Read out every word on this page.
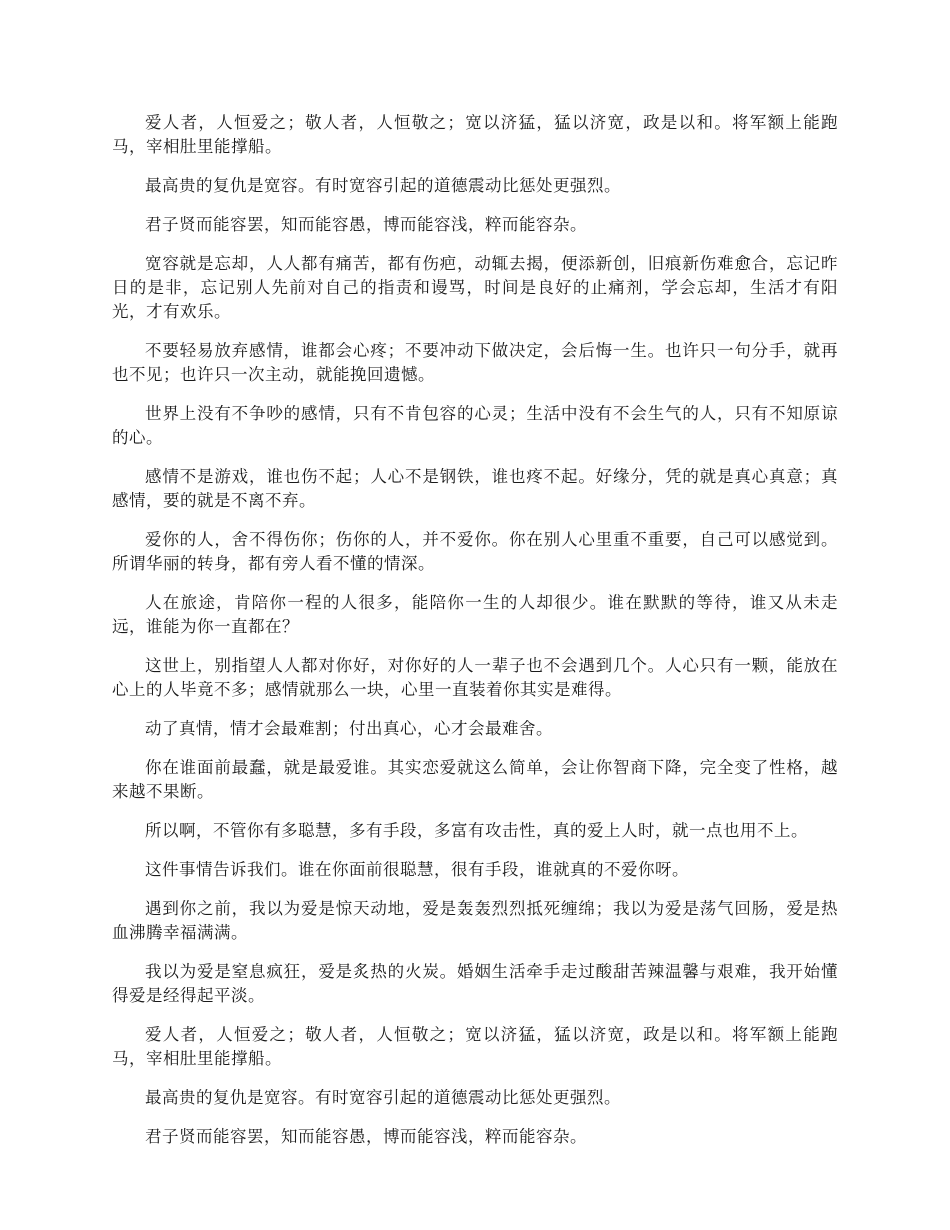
爱人者，人恒爱之；敬人者，人恒敬之；宽以济猛，猛以济宽，政是以和。将军额上能跑马，宰相肚里能撑船。

最高贵的复仇是宽容。有时宽容引起的道德震动比惩处更强烈。

君子贤而能容罢，知而能容愚，博而能容浅，粹而能容杂。

宽容就是忘却，人人都有痛苦，都有伤疤，动辄去揭，便添新创，旧痕新伤难愈合，忘记昨日的是非，忘记别人先前对自己的指责和谩骂，时间是良好的止痛剂，学会忘却，生活才有阳光，才有欢乐。

不要轻易放弃感情，谁都会心疼；不要冲动下做决定，会后悔一生。也许只一句分手，就再也不见；也许只一次主动，就能挽回遗憾。

世界上没有不争吵的感情，只有不肯包容的心灵；生活中没有不会生气的人，只有不知原谅的心。

感情不是游戏，谁也伤不起；人心不是钢铁，谁也疼不起。好缘分，凭的就是真心真意；真感情，要的就是不离不弃。

爱你的人，舍不得伤你；伤你的人，并不爱你。你在别人心里重不重要，自己可以感觉到。所谓华丽的转身，都有旁人看不懂的情深。

人在旅途，肯陪你一程的人很多，能陪你一生的人却很少。谁在默默的等待，谁又从未走远，谁能为你一直都在？

这世上，别指望人人都对你好，对你好的人一辈子也不会遇到几个。人心只有一颗，能放在心上的人毕竟不多；感情就那么一块，心里一直装着你其实是难得。

动了真情，情才会最难割；付出真心，心才会最难舍。

你在谁面前最蠢，就是最爱谁。其实恋爱就这么简单，会让你智商下降，完全变了性格，越来越不果断。

所以啊，不管你有多聪慧，多有手段，多富有攻击性，真的爱上人时，就一点也用不上。

这件事情告诉我们。谁在你面前很聪慧，很有手段，谁就真的不爱你呀。

遇到你之前，我以为爱是惊天动地，爱是轰轰烈烈抵死缠绵；我以为爱是荡气回肠，爱是热血沸腾幸福满满。

我以为爱是窒息疯狂，爱是炙热的火炭。婚姻生活牵手走过酸甜苦辣温馨与艰难，我开始懂得爱是经得起平淡。

爱人者，人恒爱之；敬人者，人恒敬之；宽以济猛，猛以济宽，政是以和。将军额上能跑马，宰相肚里能撑船。

最高贵的复仇是宽容。有时宽容引起的道德震动比惩处更强烈。

君子贤而能容罢，知而能容愚，博而能容浅，粹而能容杂。
